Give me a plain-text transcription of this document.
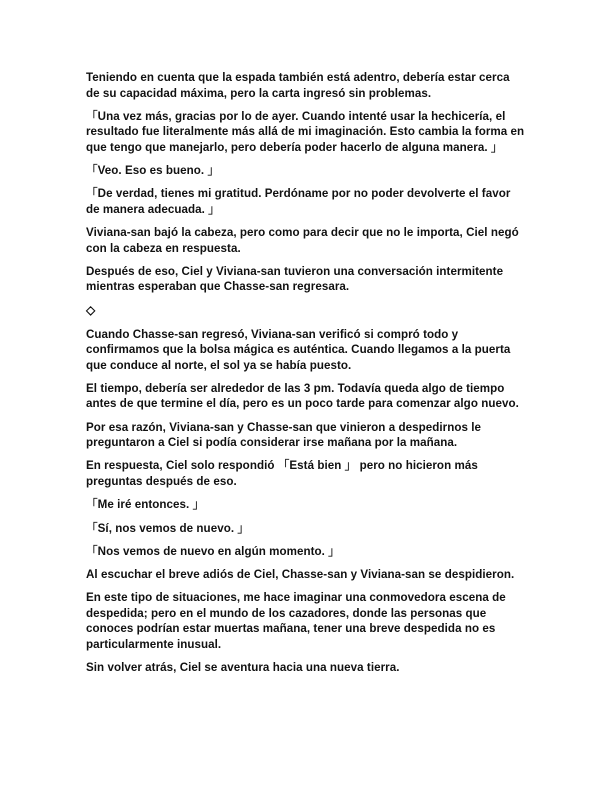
Teniendo en cuenta que la espada también está adentro, debería estar cerca de su capacidad máxima, pero la carta ingresó sin problemas.

「Una vez más, gracias por lo de ayer. Cuando intenté usar la hechicería, el resultado fue literalmente más allá de mi imaginación. Esto cambia la forma en que tengo que manejarlo, pero debería poder hacerlo de alguna manera. 」

「Veo. Eso es bueno. 」

「De verdad, tienes mi gratitud. Perdóname por no poder devolverte el favor de manera adecuada. 」

Viviana-san bajó la cabeza, pero como para decir que no le importa, Ciel negó con la cabeza en respuesta.

Después de eso, Ciel y Viviana-san tuvieron una conversación intermitente mientras esperaban que Chasse-san regresara.

◇

Cuando Chasse-san regresó, Viviana-san verificó si compró todo y confirmamos que la bolsa mágica es auténtica. Cuando llegamos a la puerta que conduce al norte, el sol ya se había puesto.

El tiempo, debería ser alrededor de las 3 pm. Todavía queda algo de tiempo antes de que termine el día, pero es un poco tarde para comenzar algo nuevo.

Por esa razón, Viviana-san y Chasse-san que vinieron a despedirnos le preguntaron a Ciel si podía considerar irse mañana por la mañana.

En respuesta, Ciel solo respondió 「Está bien 」 pero no hicieron más preguntas después de eso.

「Me iré entonces. 」

「Sí, nos vemos de nuevo. 」

「Nos vemos de nuevo en algún momento. 」

Al escuchar el breve adiós de Ciel, Chasse-san y Viviana-san se despidieron.

En este tipo de situaciones, me hace imaginar una conmovedora escena de despedida; pero en el mundo de los cazadores, donde las personas que conoces podrían estar muertas mañana, tener una breve despedida no es particularmente inusual.

Sin volver atrás, Ciel se aventura hacia una nueva tierra.
